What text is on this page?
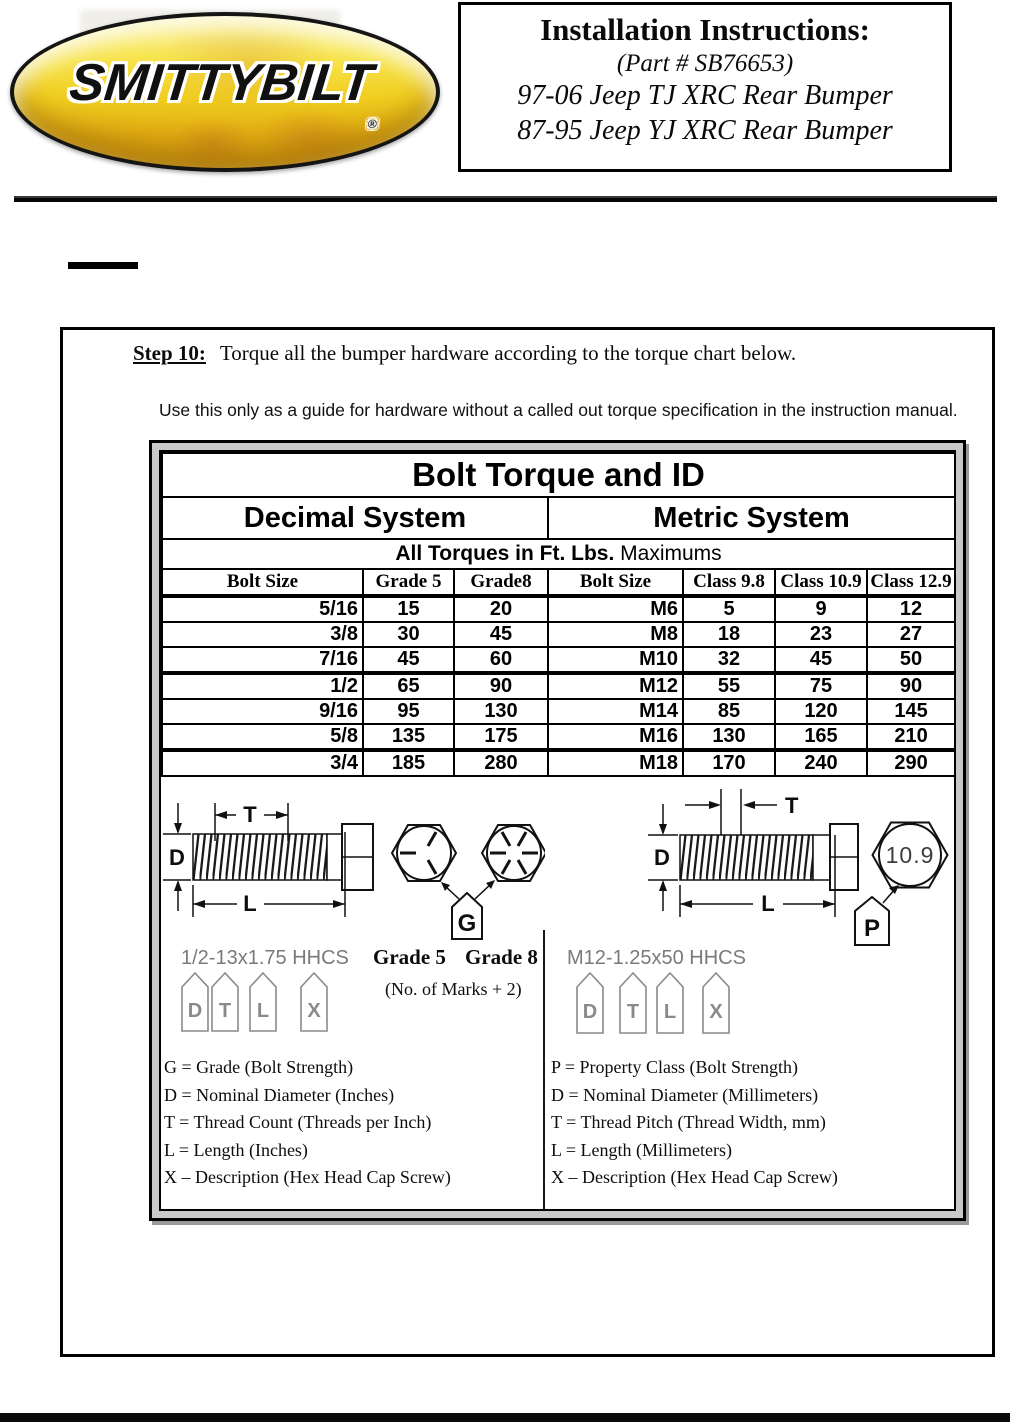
$SMITTYBILT_®$
Installation Instructions:
(Part # SB76653)
97-06 Jeep TJ XRC Rear Bumper
87-95 Jeep YJ XRC Rear Bumper
Step 10: Torque all the bumper hardware according to the torque chart below.
Use this only as a guide for hardware without a called out torque specification in the instruction manual.
Bolt Torque and ID						
Decimal System			Metric System			
All Torques in Ft. Lbs. Maximums						
Bolt Size	Grade 5	Grade8	Bolt Size	Class 9.8	Class 10.9	Class 12.9
5/16	15	20	M6	5	9	12
3/8	30	45	M8	18	23	27
7/16	45	60	M10	32	45	50
1/2	65	90	M12	55	75	90
9/16	95	130	M14	85	120	145
5/8	135	175	M16	130	165	210
3/4	185	280	M18	170	240	290
T
D
L
G
1/2-13x1.75 HHCS Grade 5 Grade 8
(No. of Marks + 2)
D T L X
T
D
L
10.9
P
M12-1.25x50 HHCS
D T L X
G = Grade (Bolt Strength)
D = Nominal Diameter (Inches)
T = Thread Count (Threads per Inch)
L = Length (Inches)
X – Description (Hex Head Cap Screw)
P = Property Class (Bolt Strength)
D = Nominal Diameter (Millimeters)
T = Thread Pitch (Thread Width, mm)
L = Length (Millimeters)
X – Description (Hex Head Cap Screw)
